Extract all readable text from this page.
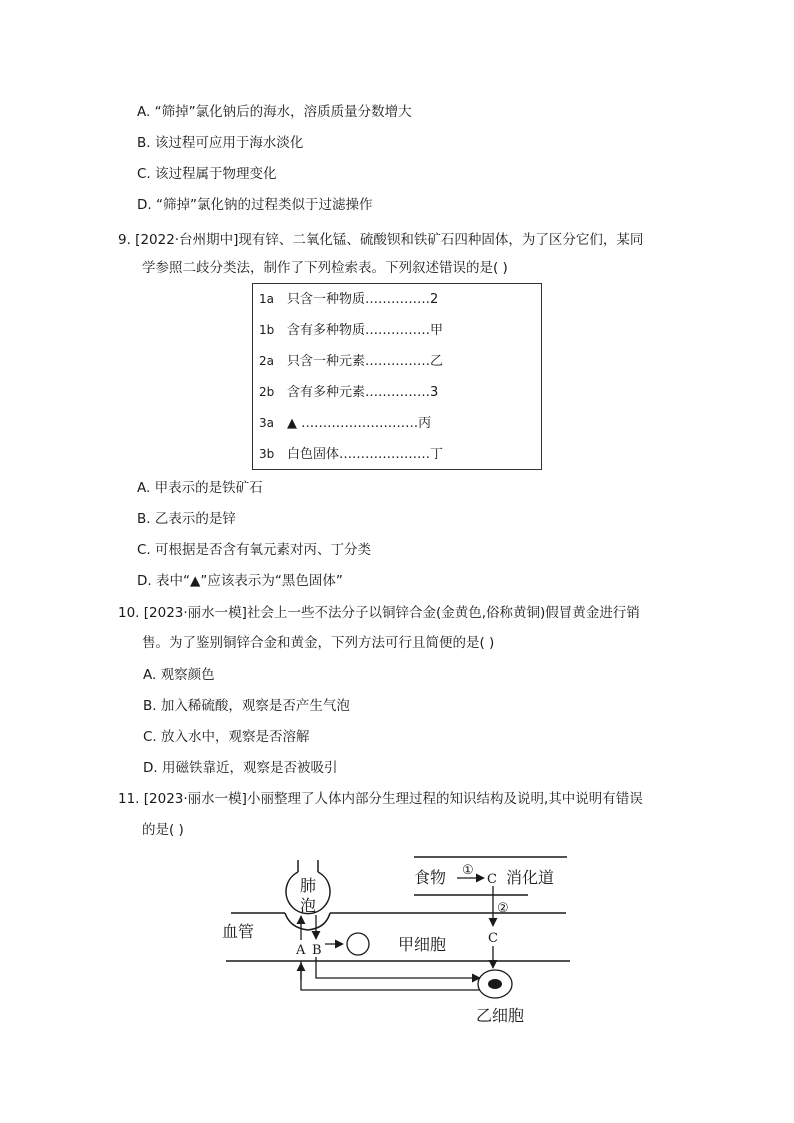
A. “筛掉”氯化钠后的海水，溶质质量分数增大
B. 该过程可应用于海水淡化
C. 该过程属于物理变化
D. “筛掉”氯化钠的过程类似于过滤操作
9. [2022·台州期中]现有锌、二氧化锰、硫酸钡和铁矿石四种固体，为了区分它们，某同
学参照二歧分类法，制作了下列检索表。下列叙述错误的是( )
1a 只含一种物质……………2
1b 含有多种物质……………甲
2a 只含一种元素……………乙
2b 含有多种元素……………3
3a ▲ ………………………丙
3b 白色固体…………………丁
A. 甲表示的是铁矿石
B. 乙表示的是锌
C. 可根据是否含有氧元素对丙、丁分类
D. 表中“▲”应该表示为“黑色固体”
10. [2023·丽水一模]社会上一些不法分子以铜锌合金(金黄色,俗称黄铜)假冒黄金进行销
售。为了鉴别铜锌合金和黄金，下列方法可行且简便的是( )
A. 观察颜色
B. 加入稀硫酸，观察是否产生气泡
C. 放入水中，观察是否溶解
D. 用磁铁靠近，观察是否被吸引
11. [2023·丽水一模]小丽整理了人体内部分生理过程的知识结构及说明,其中说明有错误
的是( )
肺
泡
血管
A B	甲细胞
乙细胞
食物 ①
C 消化道
②
C
